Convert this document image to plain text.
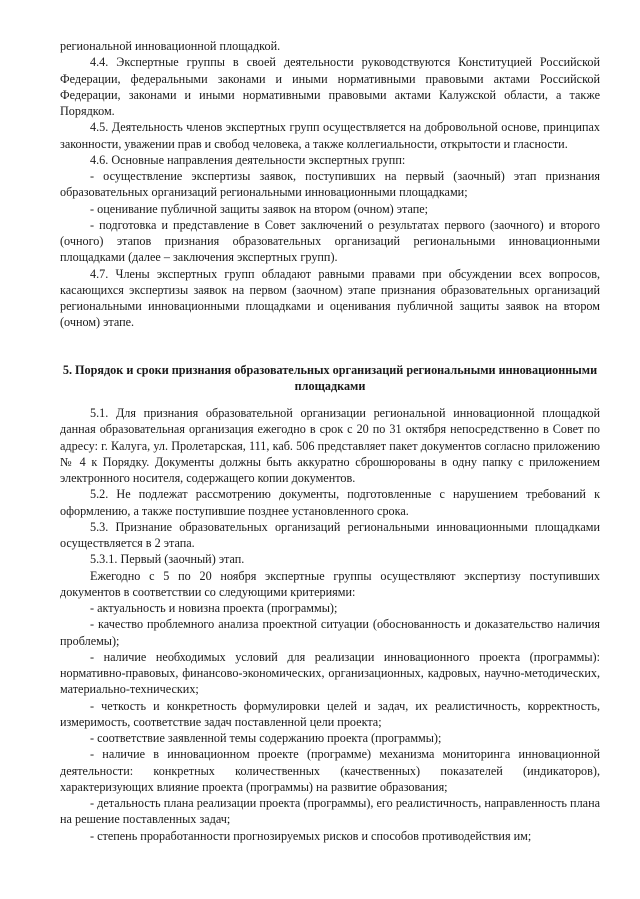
региональной инновационной площадкой.

4.4. Экспертные группы в своей деятельности руководствуются Конституцией Российской Федерации, федеральными законами и иными нормативными правовыми актами Российской Федерации, законами и иными нормативными правовыми актами Калужской области, а также Порядком.

4.5. Деятельность членов экспертных групп осуществляется на добровольной основе, принципах законности, уважении прав и свобод человека, а также коллегиальности, открытости и гласности.

4.6. Основные направления деятельности экспертных групп:

- осуществление экспертизы заявок, поступивших на первый (заочный) этап признания образовательных организаций региональными инновационными площадками;

- оценивание публичной защиты заявок на втором (очном) этапе;

- подготовка и представление в Совет заключений о результатах первого (заочного) и второго (очного) этапов признания образовательных организаций региональными инновационными площадками (далее – заключения экспертных групп).

4.7. Члены экспертных групп обладают равными правами при обсуждении всех вопросов, касающихся экспертизы заявок на первом (заочном) этапе признания образовательных организаций региональными инновационными площадками и оценивания публичной защиты заявок на втором (очном) этапе.

5. Порядок и сроки признания образовательных организаций региональными инновационными площадками

5.1. Для признания образовательной организации региональной инновационной площадкой данная образовательная организация ежегодно в срок с 20 по 31 октября непосредственно в Совет по адресу: г. Калуга, ул. Пролетарская, 111, каб. 506 представляет пакет документов согласно приложению № 4 к Порядку. Документы должны быть аккуратно сброшюрованы в одну папку с приложением электронного носителя, содержащего копии документов.

5.2. Не подлежат рассмотрению документы, подготовленные с нарушением требований к оформлению, а также поступившие позднее установленного срока.

5.3. Признание образовательных организаций региональными инновационными площадками осуществляется в 2 этапа.

5.3.1. Первый (заочный) этап.

Ежегодно с 5 по 20 ноября экспертные группы осуществляют экспертизу поступивших документов в соответствии со следующими критериями:

- актуальность и новизна проекта (программы);

- качество проблемного анализа проектной ситуации (обоснованность и доказательство наличия проблемы);

- наличие необходимых условий для реализации инновационного проекта (программы): нормативно-правовых, финансово-экономических, организационных, кадровых, научно-методических, материально-технических;

- четкость и конкретность формулировки целей и задач, их реалистичность, корректность, измеримость, соответствие задач поставленной цели проекта;

- соответствие заявленной темы содержанию проекта (программы);

- наличие в инновационном проекте (программе) механизма мониторинга инновационной деятельности: конкретных количественных (качественных) показателей (индикаторов), характеризующих влияние проекта (программы) на развитие образования;

- детальность плана реализации проекта (программы), его реалистичность, направленность плана на решение поставленных задач;

- степень проработанности прогнозируемых рисков и способов противодействия им;
